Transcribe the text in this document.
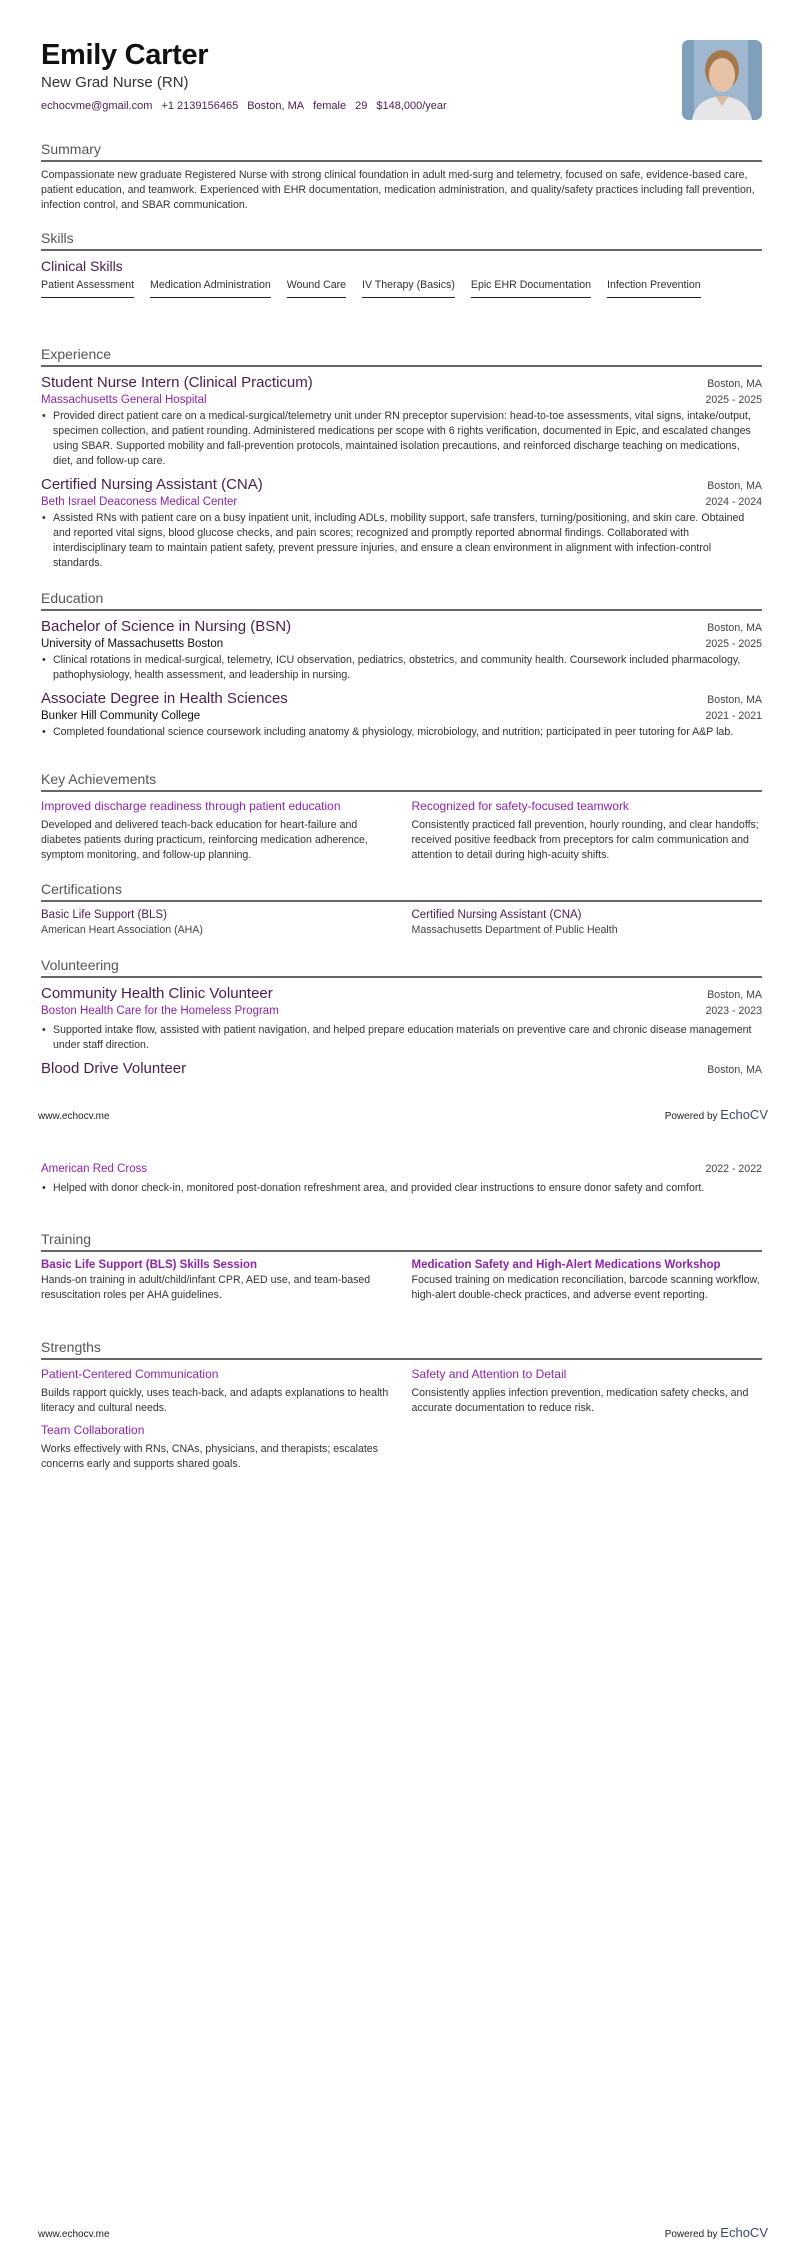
Emily Carter
New Grad Nurse (RN)
echocvme@gmail.com +1 2139156465 Boston, MA female 29 $148,000/year
Summary
Compassionate new graduate Registered Nurse with strong clinical foundation in adult med-surg and telemetry, focused on safe, evidence-based care, patient education, and teamwork. Experienced with EHR documentation, medication administration, and quality/safety practices including fall prevention, infection control, and SBAR communication.
Skills
Clinical Skills
Patient Assessment Medication Administration Wound Care IV Therapy (Basics) Epic EHR Documentation Infection Prevention
Experience
Student Nurse Intern (Clinical Practicum)	Boston, MA
Massachusetts General Hospital	2025 - 2025
• Provided direct patient care on a medical-surgical/telemetry unit under RN preceptor supervision: head-to-toe assessments, vital signs, intake/output, specimen collection, and patient rounding. Administered medications per scope with 6 rights verification, documented in Epic, and escalated changes using SBAR. Supported mobility and fall-prevention protocols, maintained isolation precautions, and reinforced discharge teaching on medications, diet, and follow-up care.
Certified Nursing Assistant (CNA)	Boston, MA
Beth Israel Deaconess Medical Center	2024 - 2024
• Assisted RNs with patient care on a busy inpatient unit, including ADLs, mobility support, safe transfers, turning/positioning, and skin care. Obtained and reported vital signs, blood glucose checks, and pain scores; recognized and promptly reported abnormal findings. Collaborated with interdisciplinary team to maintain patient safety, prevent pressure injuries, and ensure a clean environment in alignment with infection-control standards.
Education
Bachelor of Science in Nursing (BSN)	Boston, MA
University of Massachusetts Boston	2025 - 2025
• Clinical rotations in medical-surgical, telemetry, ICU observation, pediatrics, obstetrics, and community health. Coursework included pharmacology, pathophysiology, health assessment, and leadership in nursing.
Associate Degree in Health Sciences	Boston, MA
Bunker Hill Community College	2021 - 2021
• Completed foundational science coursework including anatomy & physiology, microbiology, and nutrition; participated in peer tutoring for A&P lab.
Key Achievements
Improved discharge readiness through patient education
Developed and delivered teach-back education for heart-failure and diabetes patients during practicum, reinforcing medication adherence, symptom monitoring, and follow-up planning.
Recognized for safety-focused teamwork
Consistently practiced fall prevention, hourly rounding, and clear handoffs; received positive feedback from preceptors for calm communication and attention to detail during high-acuity shifts.
Certifications
Basic Life Support (BLS)
American Heart Association (AHA)
Certified Nursing Assistant (CNA)
Massachusetts Department of Public Health
Volunteering
Community Health Clinic Volunteer	Boston, MA
Boston Health Care for the Homeless Program	2023 - 2023
• Supported intake flow, assisted with patient navigation, and helped prepare education materials on preventive care and chronic disease management under staff direction.
Blood Drive Volunteer	Boston, MA
www.echocv.me	Powered by EchoCV
American Red Cross	2022 - 2022
• Helped with donor check-in, monitored post-donation refreshment area, and provided clear instructions to ensure donor safety and comfort.
Training
Basic Life Support (BLS) Skills Session
Hands-on training in adult/child/infant CPR, AED use, and team-based resuscitation roles per AHA guidelines.
Medication Safety and High-Alert Medications Workshop
Focused training on medication reconciliation, barcode scanning workflow, high-alert double-check practices, and adverse event reporting.
Strengths
Patient-Centered Communication
Builds rapport quickly, uses teach-back, and adapts explanations to health literacy and cultural needs.
Safety and Attention to Detail
Consistently applies infection prevention, medication safety checks, and accurate documentation to reduce risk.
Team Collaboration
Works effectively with RNs, CNAs, physicians, and therapists; escalates concerns early and supports shared goals.
www.echocv.me	Powered by EchoCV
